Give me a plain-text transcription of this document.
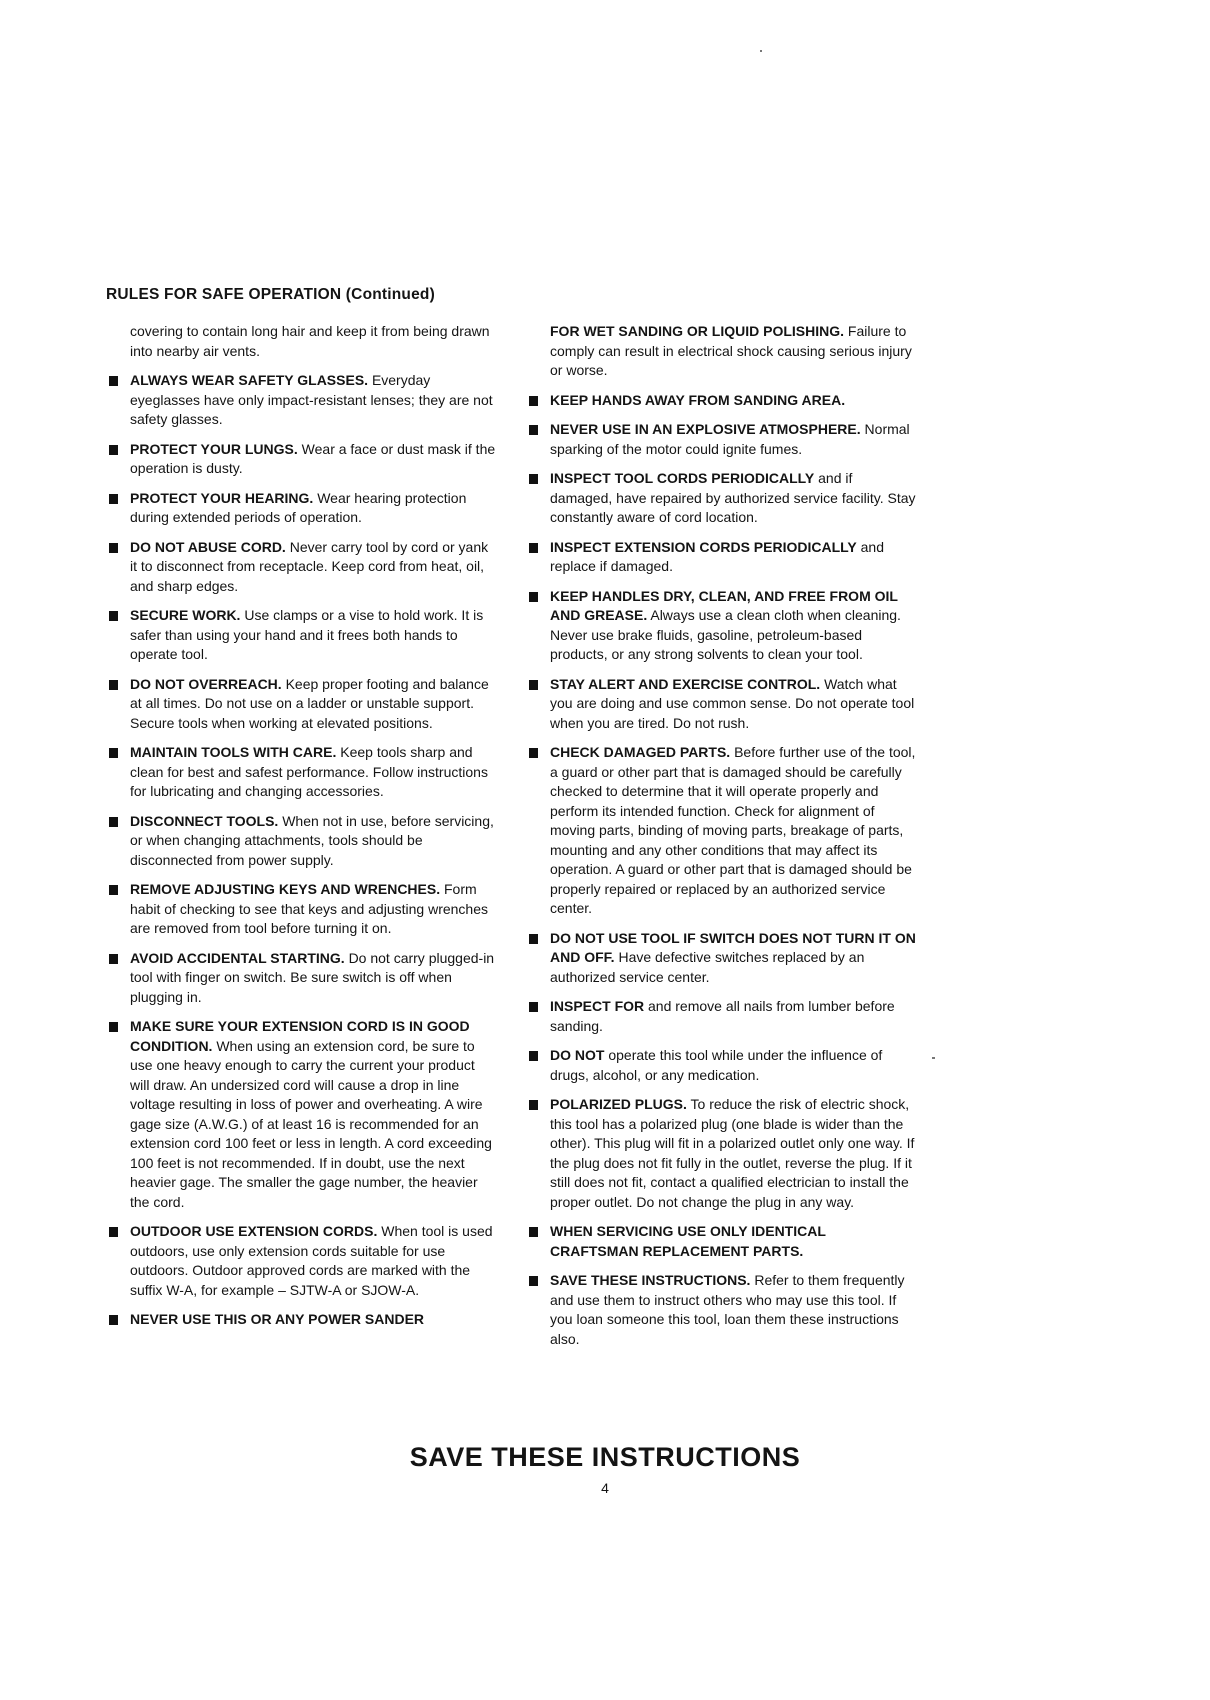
RULES FOR SAFE OPERATION (Continued)

covering to contain long hair and keep it from being drawn into nearby air vents.

ALWAYS WEAR SAFETY GLASSES. Everyday eyeglasses have only impact-resistant lenses; they are not safety glasses.

PROTECT YOUR LUNGS. Wear a face or dust mask if the operation is dusty.

PROTECT YOUR HEARING. Wear hearing protection during extended periods of operation.

DO NOT ABUSE CORD. Never carry tool by cord or yank it to disconnect from receptacle. Keep cord from heat, oil, and sharp edges.

SECURE WORK. Use clamps or a vise to hold work. It is safer than using your hand and it frees both hands to operate tool.

DO NOT OVERREACH. Keep proper footing and balance at all times. Do not use on a ladder or unstable support. Secure tools when working at elevated positions.

MAINTAIN TOOLS WITH CARE. Keep tools sharp and clean for best and safest performance. Follow instructions for lubricating and changing accessories.

DISCONNECT TOOLS. When not in use, before servicing, or when changing attachments, tools should be disconnected from power supply.

REMOVE ADJUSTING KEYS AND WRENCHES. Form habit of checking to see that keys and adjusting wrenches are removed from tool before turning it on.

AVOID ACCIDENTAL STARTING. Do not carry plugged-in tool with finger on switch. Be sure switch is off when plugging in.

MAKE SURE YOUR EXTENSION CORD IS IN GOOD CONDITION. When using an extension cord, be sure to use one heavy enough to carry the current your product will draw. An undersized cord will cause a drop in line voltage resulting in loss of power and overheating. A wire gage size (A.W.G.) of at least 16 is recommended for an extension cord 100 feet or less in length. A cord exceeding 100 feet is not recommended. If in doubt, use the next heavier gage. The smaller the gage number, the heavier the cord.

OUTDOOR USE EXTENSION CORDS. When tool is used outdoors, use only extension cords suitable for use outdoors. Outdoor approved cords are marked with the suffix W-A, for example – SJTW-A or SJOW-A.

NEVER USE THIS OR ANY POWER SANDER

FOR WET SANDING OR LIQUID POLISHING. Failure to comply can result in electrical shock causing serious injury or worse.

KEEP HANDS AWAY FROM SANDING AREA.

NEVER USE IN AN EXPLOSIVE ATMOSPHERE. Normal sparking of the motor could ignite fumes.

INSPECT TOOL CORDS PERIODICALLY and if damaged, have repaired by authorized service facility. Stay constantly aware of cord location.

INSPECT EXTENSION CORDS PERIODICALLY and replace if damaged.

KEEP HANDLES DRY, CLEAN, AND FREE FROM OIL AND GREASE. Always use a clean cloth when cleaning. Never use brake fluids, gasoline, petroleum-based products, or any strong solvents to clean your tool.

STAY ALERT AND EXERCISE CONTROL. Watch what you are doing and use common sense. Do not operate tool when you are tired. Do not rush.

CHECK DAMAGED PARTS. Before further use of the tool, a guard or other part that is damaged should be carefully checked to determine that it will operate properly and perform its intended function. Check for alignment of moving parts, binding of moving parts, breakage of parts, mounting and any other conditions that may affect its operation. A guard or other part that is damaged should be properly repaired or replaced by an authorized service center.

DO NOT USE TOOL IF SWITCH DOES NOT TURN IT ON AND OFF. Have defective switches replaced by an authorized service center.

INSPECT FOR and remove all nails from lumber before sanding.

DO NOT operate this tool while under the influence of drugs, alcohol, or any medication.

POLARIZED PLUGS. To reduce the risk of electric shock, this tool has a polarized plug (one blade is wider than the other). This plug will fit in a polarized outlet only one way. If the plug does not fit fully in the outlet, reverse the plug. If it still does not fit, contact a qualified electrician to install the proper outlet. Do not change the plug in any way.

WHEN SERVICING USE ONLY IDENTICAL CRAFTSMAN REPLACEMENT PARTS.

SAVE THESE INSTRUCTIONS. Refer to them frequently and use them to instruct others who may use this tool. If you loan someone this tool, loan them these instructions also.

SAVE THESE INSTRUCTIONS
4
